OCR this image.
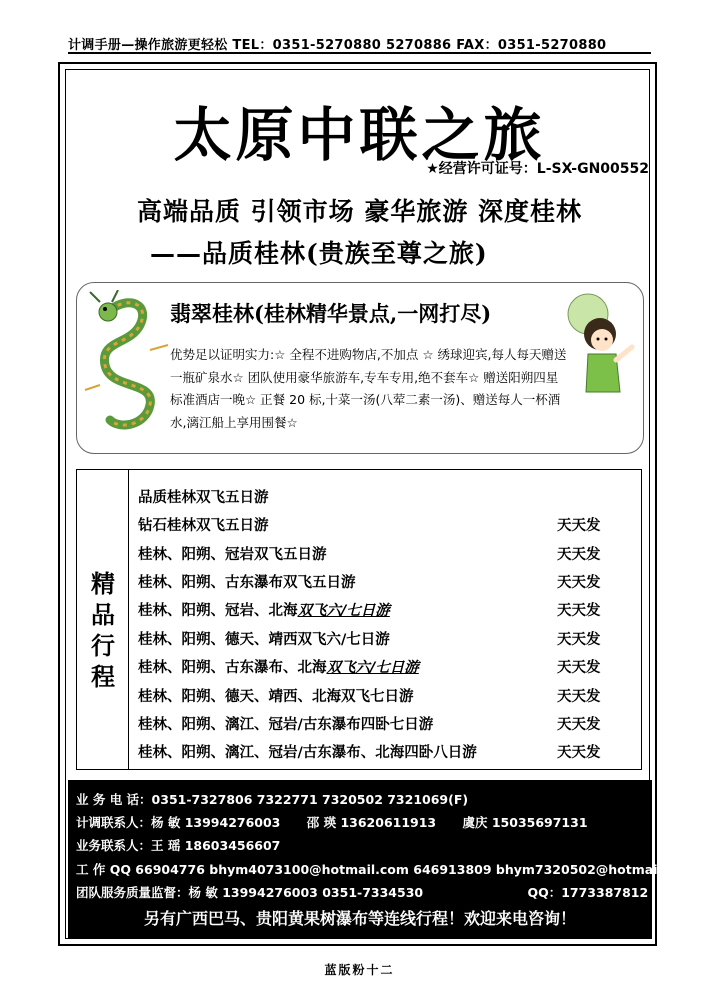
计调手册—操作旅游更轻松 TEL：0351-5270880 5270886 FAX：0351-5270880
太原中联之旅
★经营许可证号：L-SX-GN00552
高端品质 引领市场 豪华旅游 深度桂林
——品质桂林(贵族至尊之旅)
翡翠桂林(桂林精华景点,一网打尽)
优势足以证明实力:☆ 全程不进购物店,不加点 ☆ 绣球迎宾,每人每天赠送一瓶矿泉水☆ 团队使用豪华旅游车,专车专用,绝不套车☆ 赠送阳朔四星标准酒店一晚☆ 正餐 20 标,十菜一汤(八荤二素一汤)、赠送每人一杯酒水,漓江船上享用围餐☆
精
品
行
程
品质桂林双飞五日游
钻石桂林双飞五日游	天天发
桂林、阳朔、冠岩双飞五日游	天天发
桂林、阳朔、古东瀑布双飞五日游	天天发
桂林、阳朔、冠岩、北海双飞六/七日游	天天发
桂林、阳朔、德天、靖西双飞六/七日游	天天发
桂林、阳朔、古东瀑布、北海双飞六/七日游	天天发
桂林、阳朔、德天、靖西、北海双飞七日游	天天发
桂林、阳朔、漓江、冠岩/古东瀑布四卧七日游	天天发
桂林、阳朔、漓江、冠岩/古东瀑布、北海四卧八日游	天天发
业 务 电 话：0351-7327806 7322771 7320502 7321069(F)
计调联系人：杨 敏 13994276003 邵 瑛 13620611913 虞庆 15035697131
业务联系人：王 瑶 18603456607
工 作 QQ 66904776 bhym4073100@hotmail.com 646913809 bhym7320502@hotmail.com
团队服务质量监督：杨 敏 13994276003 0351-7334530	QQ：1773387812
另有广西巴马、贵阳黄果树瀑布等连线行程！欢迎来电咨询！
蓝版粉十二
